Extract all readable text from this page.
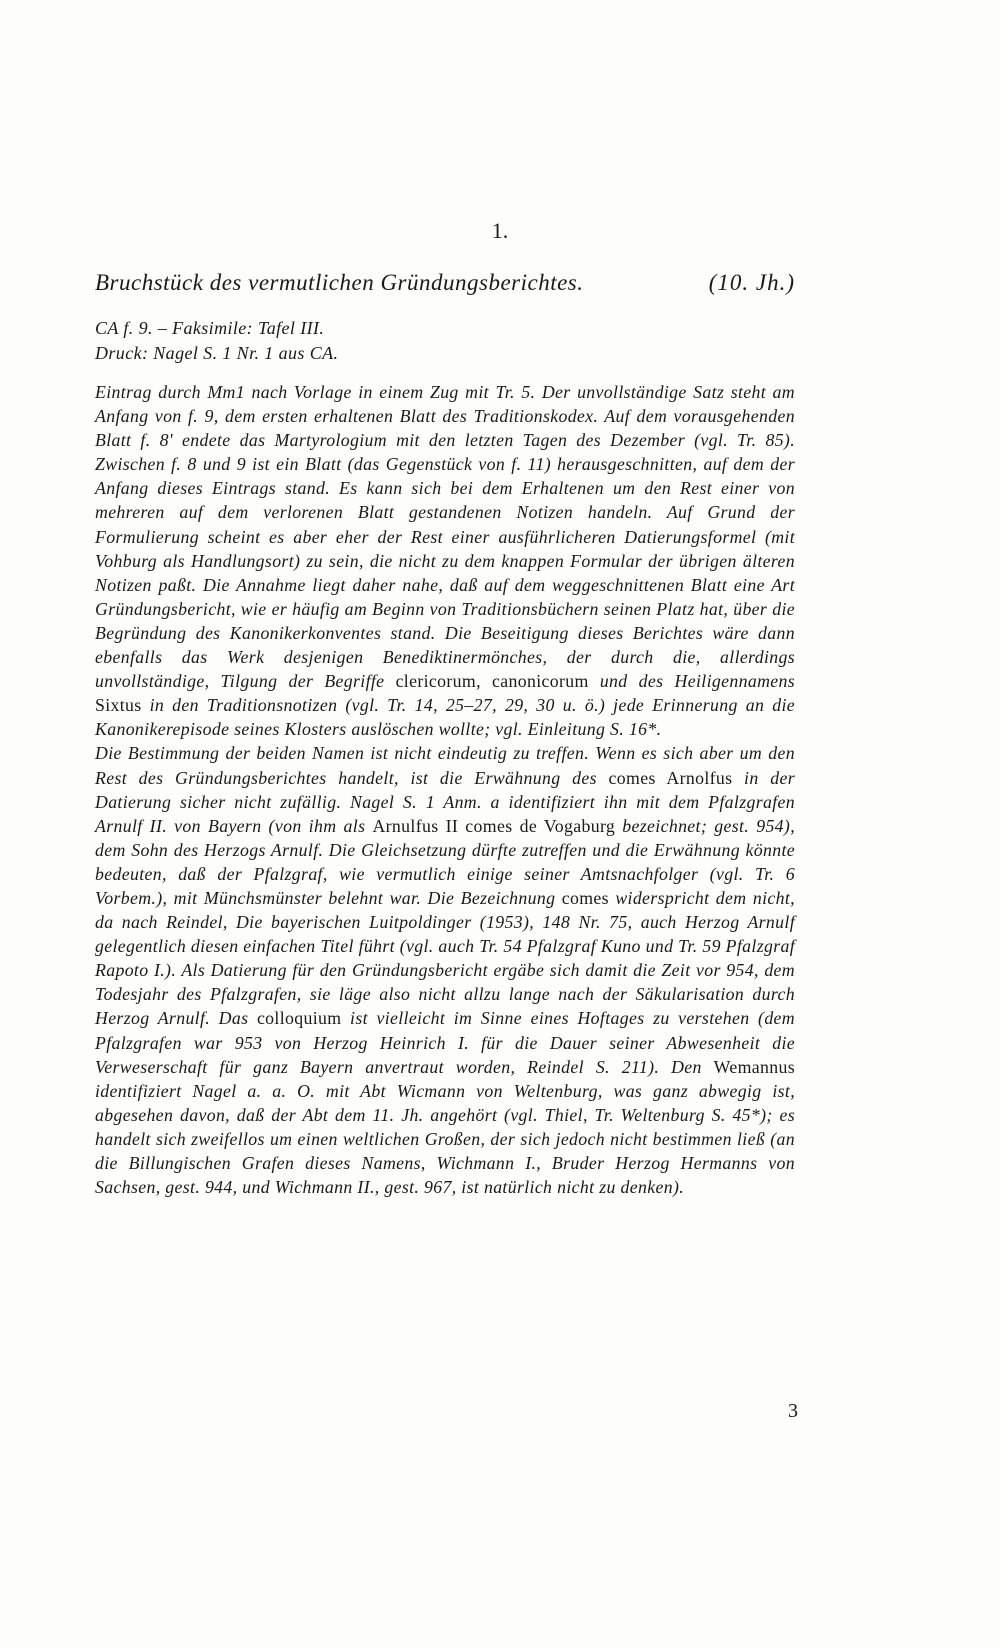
1.
Bruchstück des vermutlichen Gründungsberichtes.	(10. Jh.)
CA f. 9. – Faksimile: Tafel III.
Druck: Nagel S. 1 Nr. 1 aus CA.

Eintrag durch Mm1 nach Vorlage in einem Zug mit Tr. 5. Der unvollständige Satz steht am Anfang von f. 9, dem ersten erhaltenen Blatt des Traditionskodex. Auf dem vorausgehenden Blatt f. 8' endete das Martyrologium mit den letzten Tagen des Dezember (vgl. Tr. 85). Zwischen f. 8 und 9 ist ein Blatt (das Gegenstück von f. 11) herausgeschnitten, auf dem der Anfang dieses Eintrags stand. Es kann sich bei dem Erhaltenen um den Rest einer von mehreren auf dem verlorenen Blatt gestandenen Notizen handeln. Auf Grund der Formulierung scheint es aber eher der Rest einer ausführlicheren Datierungsformel (mit Vohburg als Handlungsort) zu sein, die nicht zu dem knappen Formular der übrigen älteren Notizen paßt. Die Annahme liegt daher nahe, daß auf dem weggeschnittenen Blatt eine Art Gründungsbericht, wie er häufig am Beginn von Traditionsbüchern seinen Platz hat, über die Begründung des Kanonikerkonventes stand. Die Beseitigung dieses Berichtes wäre dann ebenfalls das Werk desjenigen Benediktinermönches, der durch die, allerdings unvollständige, Tilgung der Begriffe clericorum, canonicorum und des Heiligennamens Sixtus in den Traditionsnotizen (vgl. Tr. 14, 25–27, 29, 30 u. ö.) jede Erinnerung an die Kanonikerepisode seines Klosters auslöschen wollte; vgl. Einleitung S. 16*.

Die Bestimmung der beiden Namen ist nicht eindeutig zu treffen. Wenn es sich aber um den Rest des Gründungsberichtes handelt, ist die Erwähnung des comes Arnolfus in der Datierung sicher nicht zufällig. Nagel S. 1 Anm. a identifiziert ihn mit dem Pfalzgrafen Arnulf II. von Bayern (von ihm als Arnulfus II comes de Vogaburg bezeichnet; gest. 954), dem Sohn des Herzogs Arnulf. Die Gleichsetzung dürfte zutreffen und die Erwähnung könnte bedeuten, daß der Pfalzgraf, wie vermutlich einige seiner Amtsnachfolger (vgl. Tr. 6 Vorbem.), mit Münchsmünster belehnt war. Die Bezeichnung comes widerspricht dem nicht, da nach Reindel, Die bayerischen Luitpoldinger (1953), 148 Nr. 75, auch Herzog Arnulf gelegentlich diesen einfachen Titel führt (vgl. auch Tr. 54 Pfalzgraf Kuno und Tr. 59 Pfalzgraf Rapoto I.). Als Datierung für den Gründungsbericht ergäbe sich damit die Zeit vor 954, dem Todesjahr des Pfalzgrafen, sie läge also nicht allzu lange nach der Säkularisation durch Herzog Arnulf. Das colloquium ist vielleicht im Sinne eines Hoftages zu verstehen (dem Pfalzgrafen war 953 von Herzog Heinrich I. für die Dauer seiner Abwesenheit die Verweserschaft für ganz Bayern anvertraut worden, Reindel S. 211). Den Wemannus identifiziert Nagel a. a. O. mit Abt Wicmann von Weltenburg, was ganz abwegig ist, abgesehen davon, daß der Abt dem 11. Jh. angehört (vgl. Thiel, Tr. Weltenburg S. 45*); es handelt sich zweifellos um einen weltlichen Großen, der sich jedoch nicht bestimmen ließ (an die Billungischen Grafen dieses Namens, Wichmann I., Bruder Herzog Hermanns von Sachsen, gest. 944, und Wichmann II., gest. 967, ist natürlich nicht zu denken).

3
